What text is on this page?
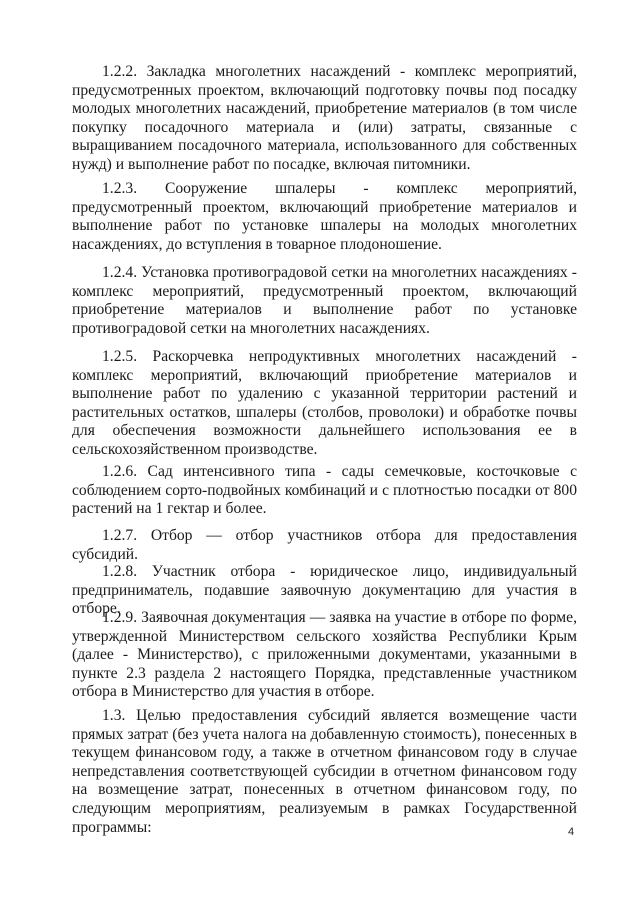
1.2.2. Закладка многолетних насаждений - комплекс мероприятий, предусмотренных проектом, включающий подготовку почвы под посадку молодых многолетних насаждений, приобретение материалов (в том числе покупку посадочного материала и (или) затраты, связанные с выращиванием посадочного материала, использованного для собственных нужд) и выполнение работ по посадке, включая питомники.

1.2.3. Сооружение шпалеры - комплекс мероприятий, предусмотренный проектом, включающий приобретение материалов и выполнение работ по установке шпалеры на молодых многолетних насаждениях, до вступления в товарное плодоношение.

1.2.4. Установка противоградовой сетки на многолетних насаждениях - комплекс мероприятий, предусмотренный проектом, включающий приобретение материалов и выполнение работ по установке противоградовой сетки на многолетних насаждениях.

1.2.5. Раскорчевка непродуктивных многолетних насаждений - комплекс мероприятий, включающий приобретение материалов и выполнение работ по удалению с указанной территории растений и растительных остатков, шпалеры (столбов, проволоки) и обработке почвы для обеспечения возможности дальнейшего использования ее в сельскохозяйственном производстве.

1.2.6. Сад интенсивного типа - сады семечковые, косточковые с соблюдением сорто-подвойных комбинаций и с плотностью посадки от 800 растений на 1 гектар и более.

1.2.7. Отбор — отбор участников отбора для предоставления субсидий.

1.2.8. Участник отбора - юридическое лицо, индивидуальный предприниматель, подавшие заявочную документацию для участия в отборе.

1.2.9. Заявочная документация — заявка на участие в отборе по форме, утвержденной Министерством сельского хозяйства Республики Крым (далее - Министерство), с приложенными документами, указанными в пункте 2.3 раздела 2 настоящего Порядка, представленные участником отбора в Министерство для участия в отборе.

1.3. Целью предоставления субсидий является возмещение части прямых затрат (без учета налога на добавленную стоимость), понесенных в текущем финансовом году, а также в отчетном финансовом году в случае непредставления соответствующей субсидии в отчетном финансовом году на возмещение затрат, понесенных в отчетном финансовом году, по следующим мероприятиям, реализуемым в рамках Государственной программы:	4
